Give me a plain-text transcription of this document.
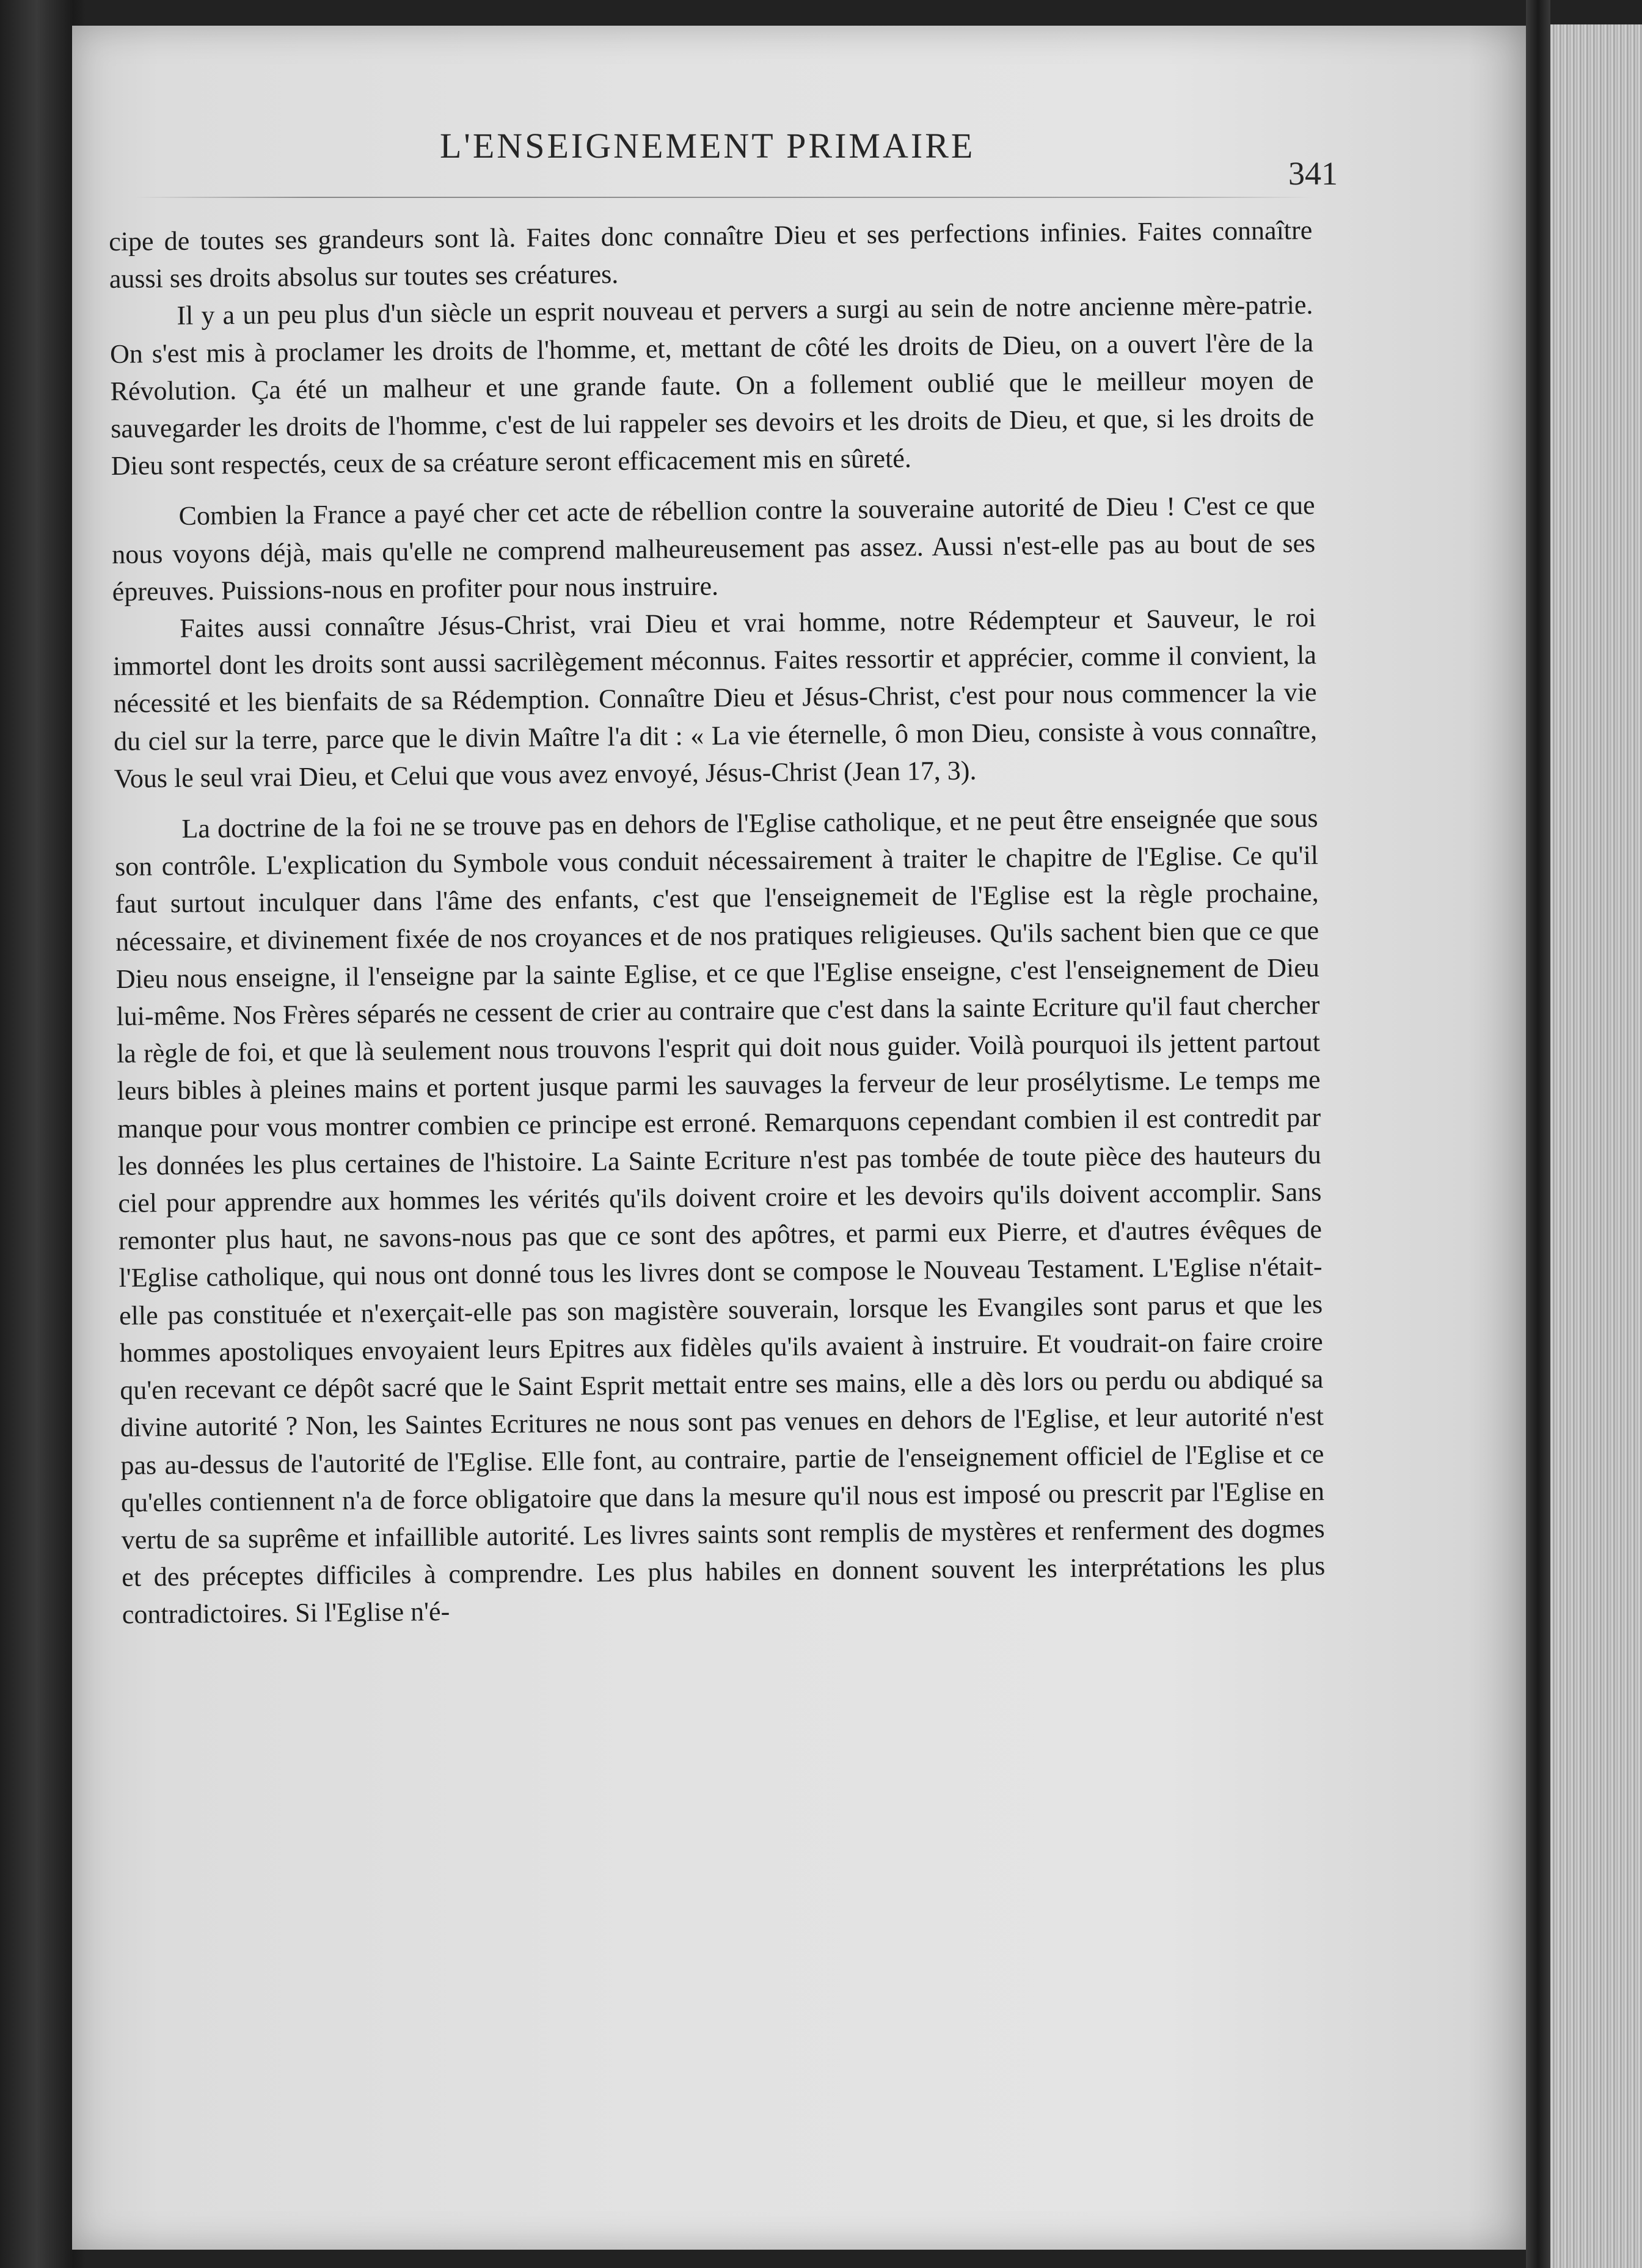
L'ENSEIGNEMENT PRIMAIRE
341

cipe de toutes ses grandeurs sont là. Faites donc connaître Dieu et ses perfections infinies. Faites connaître aussi ses droits absolus sur toutes ses créatures.

Il y a un peu plus d'un siècle un esprit nouveau et pervers a surgi au sein de notre ancienne mère-patrie. On s'est mis à proclamer les droits de l'homme, et, mettant de côté les droits de Dieu, on a ouvert l'ère de la Révolution. Ça été un malheur et une grande faute. On a follement oublié que le meilleur moyen de sauvegarder les droits de l'homme, c'est de lui rappeler ses devoirs et les droits de Dieu, et que, si les droits de Dieu sont respectés, ceux de sa créature seront efficacement mis en sûreté.

Combien la France a payé cher cet acte de rébellion contre la souveraine autorité de Dieu ! C'est ce que nous voyons déjà, mais qu'elle ne comprend malheureusement pas assez. Aussi n'est-elle pas au bout de ses épreuves. Puissions-nous en profiter pour nous instruire.

Faites aussi connaître Jésus-Christ, vrai Dieu et vrai homme, notre Rédempteur et Sauveur, le roi immortel dont les droits sont aussi sacrilègement méconnus. Faites ressortir et apprécier, comme il convient, la nécessité et les bienfaits de sa Rédemption. Connaître Dieu et Jésus-Christ, c'est pour nous commencer la vie du ciel sur la terre, parce que le divin Maître l'a dit : « La vie éternelle, ô mon Dieu, consiste à vous connaître, Vous le seul vrai Dieu, et Celui que vous avez envoyé, Jésus-Christ (Jean 17, 3).

La doctrine de la foi ne se trouve pas en dehors de l'Eglise catholique, et ne peut être enseignée que sous son contrôle. L'explication du Symbole vous conduit nécessairement à traiter le chapitre de l'Eglise. Ce qu'il faut surtout inculquer dans l'âme des enfants, c'est que l'enseignemeit de l'Eglise est la règle prochaine, nécessaire, et divinement fixée de nos croyances et de nos pratiques religieuses. Qu'ils sachent bien que ce que Dieu nous enseigne, il l'enseigne par la sainte Eglise, et ce que l'Eglise enseigne, c'est l'enseignement de Dieu lui-même. Nos Frères séparés ne cessent de crier au contraire que c'est dans la sainte Ecriture qu'il faut chercher la règle de foi, et que là seulement nous trouvons l'esprit qui doit nous guider. Voilà pourquoi ils jettent partout leurs bibles à pleines mains et portent jusque parmi les sauvages la ferveur de leur prosélytisme. Le temps me manque pour vous montrer combien ce principe est erroné. Remarquons cependant combien il est contredit par les données les plus certaines de l'histoire. La Sainte Ecriture n'est pas tombée de toute pièce des hauteurs du ciel pour apprendre aux hommes les vérités qu'ils doivent croire et les devoirs qu'ils doivent accomplir. Sans remonter plus haut, ne savons-nous pas que ce sont des apôtres, et parmi eux Pierre, et d'autres évêques de l'Eglise catholique, qui nous ont donné tous les livres dont se compose le Nouveau Testament. L'Eglise n'était-elle pas constituée et n'exerçait-elle pas son magistère souverain, lorsque les Evangiles sont parus et que les hommes apostoliques envoyaient leurs Epitres aux fidèles qu'ils avaient à instruire. Et voudrait-on faire croire qu'en recevant ce dépôt sacré que le Saint Esprit mettait entre ses mains, elle a dès lors ou perdu ou abdiqué sa divine autorité ? Non, les Saintes Ecritures ne nous sont pas venues en dehors de l'Eglise, et leur autorité n'est pas au-dessus de l'autorité de l'Eglise. Elle font, au contraire, partie de l'enseignement officiel de l'Eglise et ce qu'elles contiennent n'a de force obligatoire que dans la mesure qu'il nous est imposé ou prescrit par l'Eglise en vertu de sa suprême et infaillible autorité. Les livres saints sont remplis de mystères et renferment des dogmes et des préceptes difficiles à comprendre. Les plus habiles en donnent souvent les interprétations les plus contradictoires. Si l'Eglise n'é-
